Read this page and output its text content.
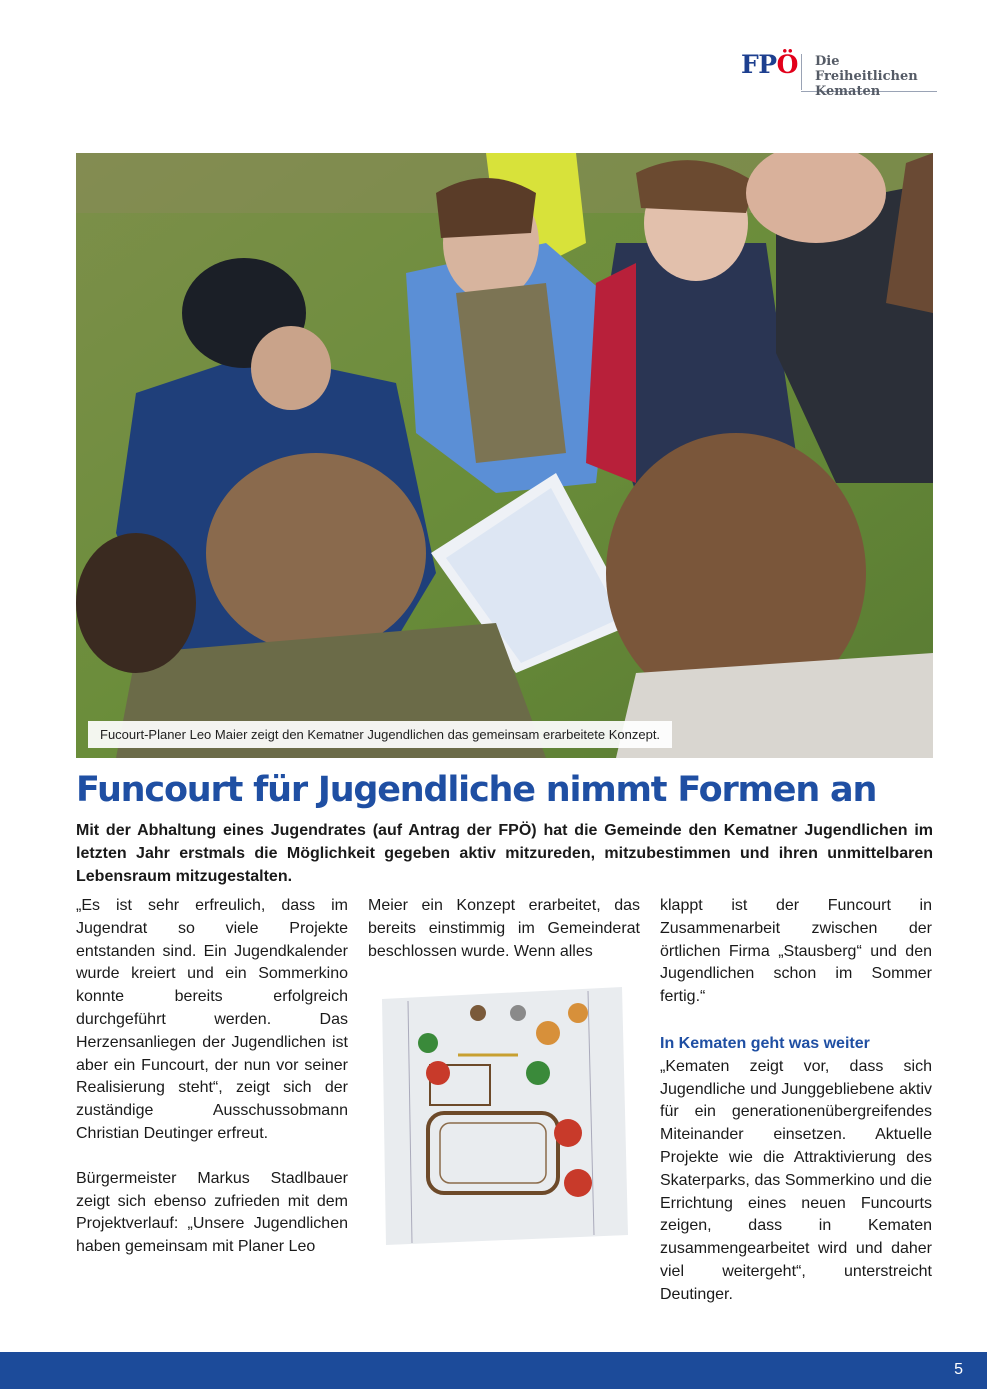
FPÖ Die Freiheitlichen
Kematen
Fucourt-Planer Leo Maier zeigt den Kematner Jugendlichen das gemeinsam erarbeitete Konzept.
Funcourt für Jugendliche nimmt Formen an

Mit der Abhaltung eines Jugendrates (auf Antrag der FPÖ) hat die Gemeinde den Kematner Jugendlichen im letzten Jahr erstmals die Möglichkeit gegeben aktiv mitzureden, mitzubestimmen und ihren unmittelbaren Lebensraum mitzugestalten.

„Es ist sehr erfreulich, dass im Jugendrat so viele Projekte entstanden sind. Ein Jugendkalender wurde kreiert und ein Sommerkino konnte bereits erfolgreich durchgeführt werden. Das Herzensanliegen der Jugendlichen ist aber ein Funcourt, der nun vor seiner Realisierung steht“, zeigt sich der zuständige Ausschussobmann Christian Deutinger erfreut.

Bürgermeister Markus Stadlbauer zeigt sich ebenso zufrieden mit dem Projektverlauf: „Unsere Jugendlichen haben gemeinsam mit Planer Leo

Meier ein Konzept erarbeitet, das bereits einstimmig im Gemeinderat beschlossen wurde. Wenn alles

klappt ist der Funcourt in Zusammenarbeit zwischen der örtlichen Firma „Stausberg“ und den Jugendlichen schon im Sommer fertig.“

In Kematen geht was weiter

„Kematen zeigt vor, dass sich Jugendliche und Junggebliebene aktiv für ein generationenübergreifendes Miteinander einsetzen. Aktuelle Projekte wie die Attraktivierung des Skaterparks, das Sommerkino und die Errichtung eines neuen Funcourts zeigen, dass in Kematen zusammengearbeitet wird und daher viel weitergeht“, unterstreicht Deutinger.

5
